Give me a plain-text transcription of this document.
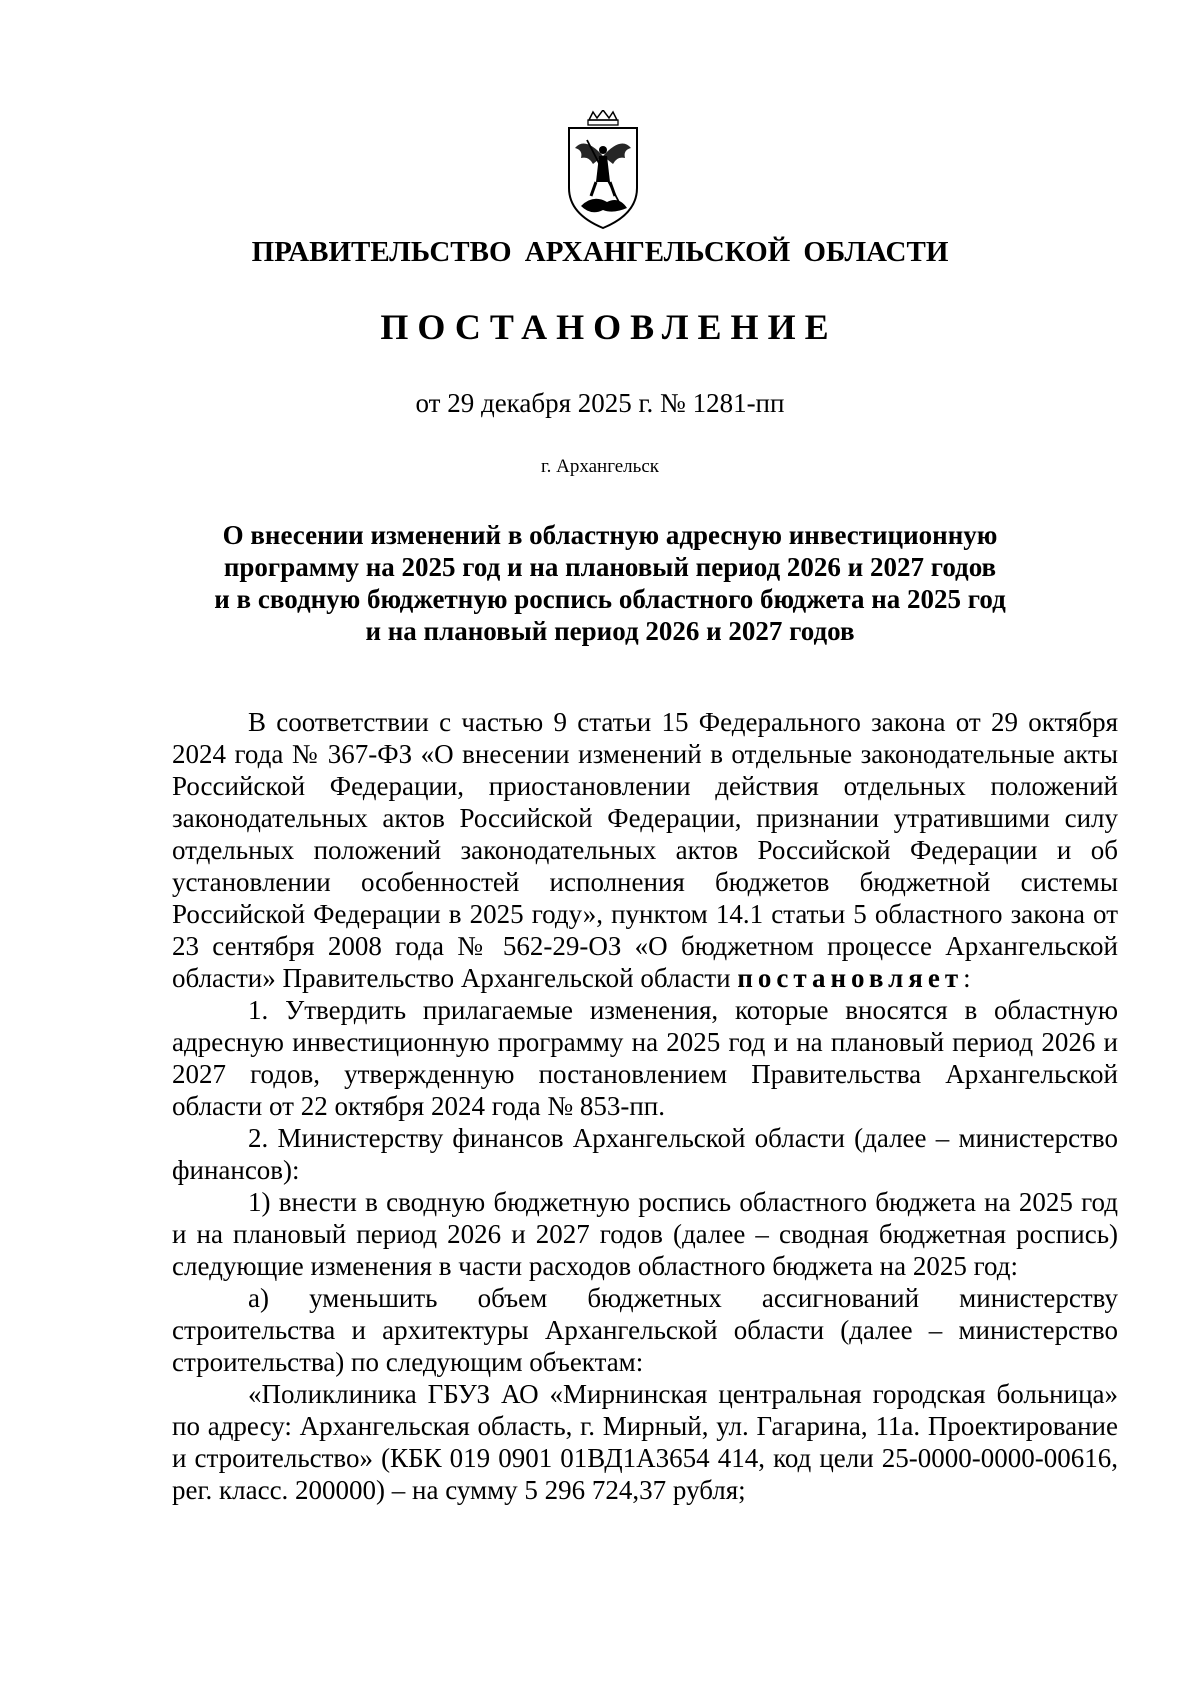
ПРАВИТЕЛЬСТВО АРХАНГЕЛЬСКОЙ ОБЛАСТИ
ПОСТАНОВЛЕНИЕ
от 29 декабря 2025 г. № 1281-пп
г. Архангельск
О внесении изменений в областную адресную инвестиционную
программу на 2025 год и на плановый период 2026 и 2027 годов
и в сводную бюджетную роспись областного бюджета на 2025 год
и на плановый период 2026 и 2027 годов

В соответствии с частью 9 статьи 15 Федерального закона от 29 октября 2024 года № 367-ФЗ «О внесении изменений в отдельные законодательные акты Российской Федерации, приостановлении действия отдельных положений законодательных актов Российской Федерации, признании утратившими силу отдельных положений законодательных актов Российской Федерации и об установлении особенностей исполнения бюджетов бюджетной системы Российской Федерации в 2025 году», пунктом 14.1 статьи 5 областного закона от 23 сентября 2008 года № 562-29-ОЗ «О бюджетном процессе Архангельской области» Правительство Архангельской области постановляет:

1. Утвердить прилагаемые изменения, которые вносятся в областную адресную инвестиционную программу на 2025 год и на плановый период 2026 и 2027 годов, утвержденную постановлением Правительства Архангельской области от 22 октября 2024 года № 853-пп.

2. Министерству финансов Архангельской области (далее – министерство финансов):

1) внести в сводную бюджетную роспись областного бюджета на 2025 год и на плановый период 2026 и 2027 годов (далее – сводная бюджетная роспись) следующие изменения в части расходов областного бюджета на 2025 год:

а) уменьшить объем бюджетных ассигнований министерству строительства и архитектуры Архангельской области (далее – министерство строительства) по следующим объектам:

«Поликлиника ГБУЗ АО «Мирнинская центральная городская больница» по адресу: Архангельская область, г. Мирный, ул. Гагарина, 11а. Проектирование и строительство» (КБК 019 0901 01ВД1А3654 414, код цели 25-0000-0000-00616, рег. класс. 200000) – на сумму 5 296 724,37 рубля;
